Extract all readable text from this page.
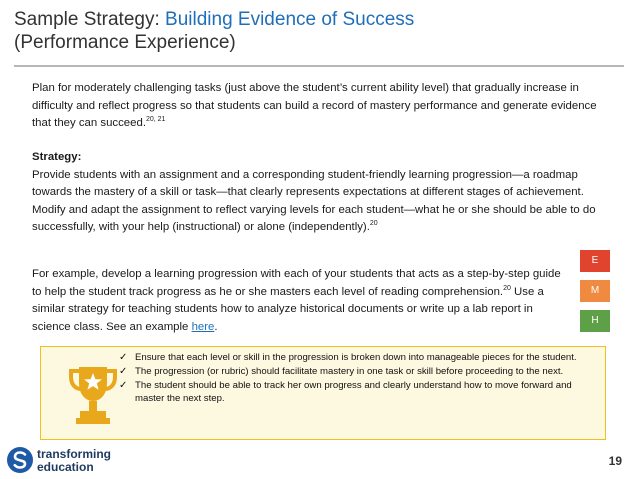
Sample Strategy: Building Evidence of Success
(Performance Experience)
Plan for moderately challenging tasks (just above the student’s current ability level) that gradually increase in difficulty and reflect progress so that students can build a record of mastery performance and generate evidence that they can succeed.$^{20, 21}$
Strategy:
Provide students with an assignment and a corresponding student-friendly learning progression—a roadmap towards the mastery of a skill or task—that clearly represents expectations at different stages of achievement. Modify and adapt the assignment to reflect varying levels for each student—what he or she should be able to do successfully, with your help (instructional) or alone (independently).$^{20}$
For example, develop a learning progression with each of your students that acts as a step-by-step guide to help the student track progress as he or she masters each level of reading comprehension.$^{20}$ Use a similar strategy for teaching students how to analyze historical documents or write up a lab report in science class. See an example here.
E
M
H
✓ Ensure that each level or skill in the progression is broken down into manageable pieces for the student.
✓ The progression (or rubric) should facilitate mastery in one task or skill before proceeding to the next.
✓ The student should be able to track her own progress and clearly understand how to move forward and master the next step.
transforming
education	19
